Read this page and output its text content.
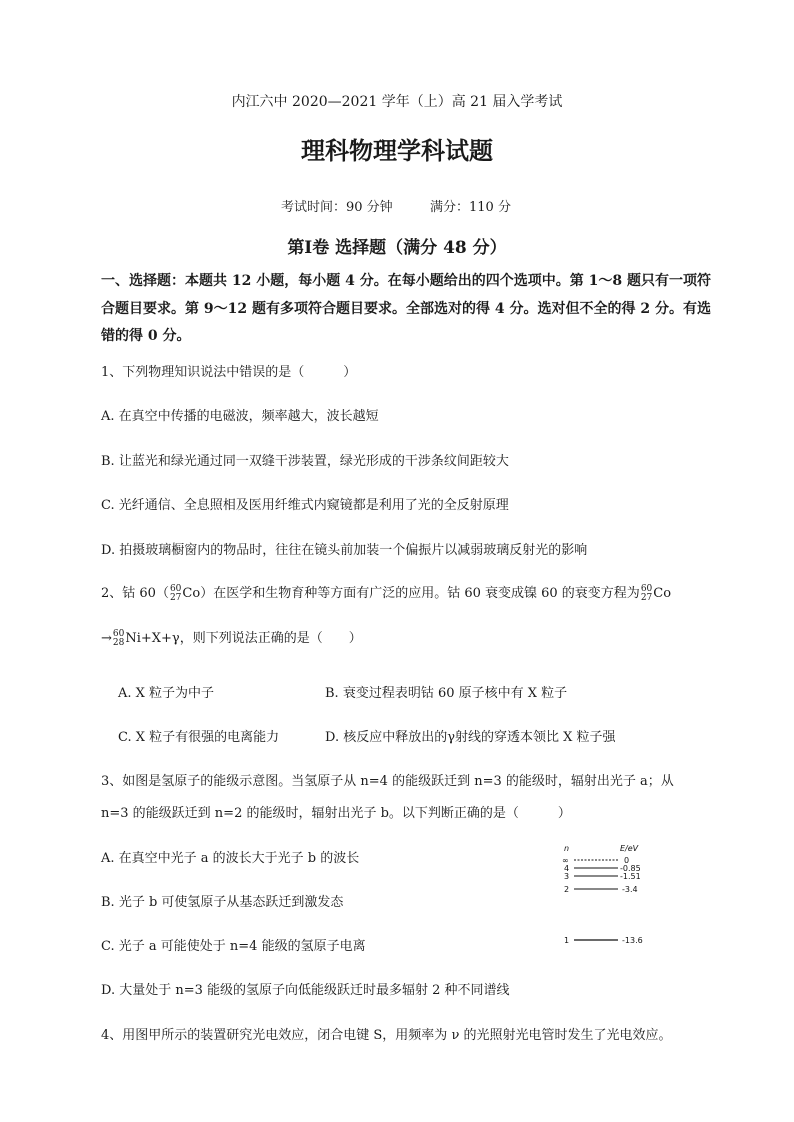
内江六中 2020—2021 学年（上）高 21 届入学考试
理科物理学科试题
考试时间：90 分钟	满分：110 分
第Ⅰ卷 选择题（满分 48 分）
一、选择题：本题共 12 小题，每小题 4 分。在每小题给出的四个选项中。第 1～8 题只有一项符
合题目要求。第 9～12 题有多项符合题目要求。全部选对的得 4 分。选对但不全的得 2 分。有选
错的得 0 分。
1、下列物理知识说法中错误的是（　　　）
A. 在真空中传播的电磁波，频率越大，波长越短
B. 让蓝光和绿光通过同一双缝干涉装置，绿光形成的干涉条纹间距较大
C. 光纤通信、全息照相及医用纤维式内窥镜都是利用了光的全反射原理
D. 拍摄玻璃橱窗内的物品时，往往在镜头前加装一个偏振片以减弱玻璃反射光的影响
2、钴 60（ 60
27 Co）在医学和生物育种等方面有广泛的应用。钴 60 衰变成镍 60 的衰变方程为 60
27 Co
→ 60
28 Ni+X+γ，则下列说法正确的是（　　）
A. X 粒子为中子	B. 衰变过程表明钴 60 原子核中有 X 粒子
C. X 粒子有很强的电离能力	D. 核反应中释放出的γ射线的穿透本领比 X 粒子强
3、如图是氢原子的能级示意图。当氢原子从 n=4 的能级跃迁到 n=3 的能级时，辐射出光子 a；从
n=3 的能级跃迁到 n=2 的能级时，辐射出光子 b。以下判断正确的是（　　　）
A. 在真空中光子 a 的波长大于光子 b 的波长
B. 光子 b 可使氢原子从基态跃迁到激发态
C. 光子 a 可能使处于 n=4 能级的氢原子电离
D. 大量处于 n=3 能级的氢原子向低能级跃迁时最多辐射 2 种不同谱线
n	E/eV
∞	0
4	-0.85
3	-1.51
2	-3.4
1	-13.6
4、用图甲所示的装置研究光电效应，闭合电键 S，用频率为 ν 的光照射光电管时发生了光电效应。
